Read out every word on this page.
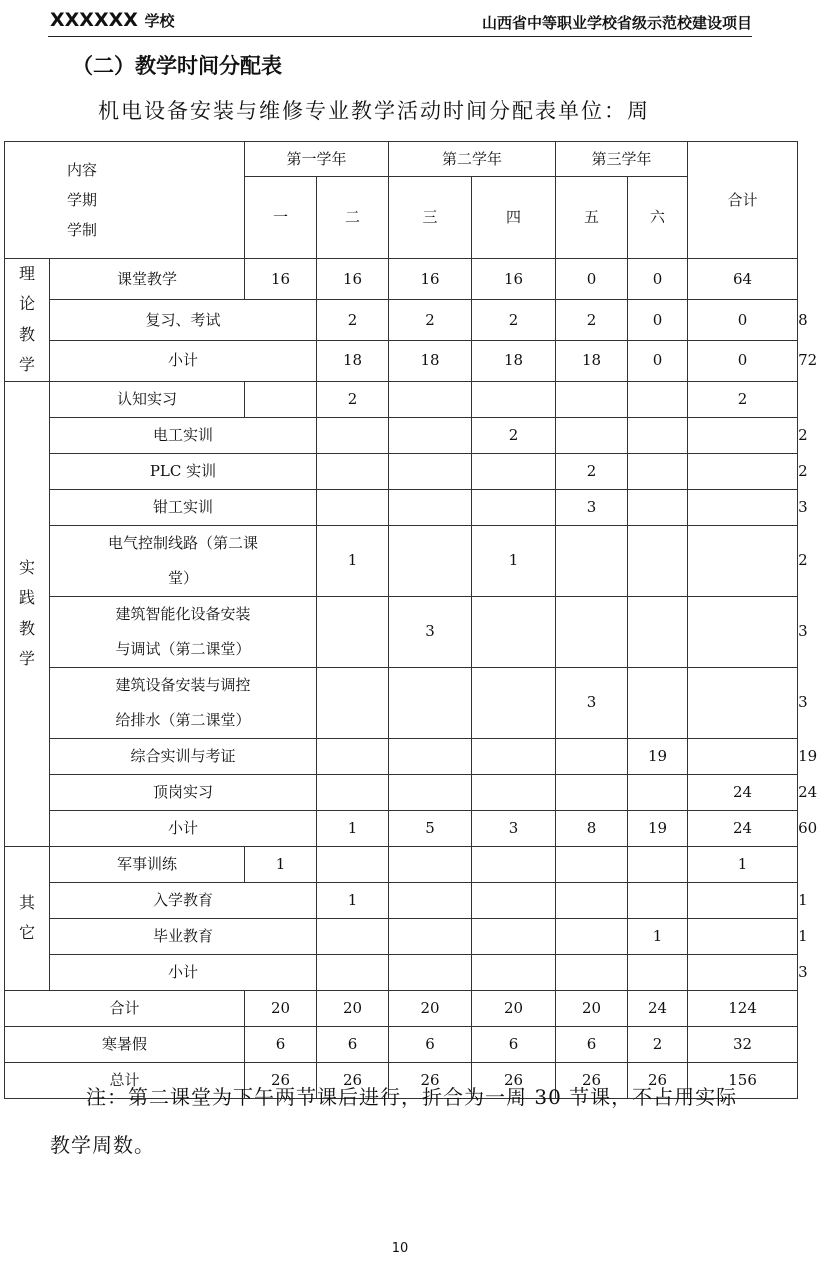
XXXXXX 学校	山西省中等职业学校省级示范校建设项目
（二）教学时间分配表
机电设备安装与维修专业教学活动时间分配表单位：周
内容
学期
学制		第一学年		第二学年		第三学年		合计	
		一	二	三	四	五	六		

理
论
教
学	课堂教学	16	16	16	16	0	0	64	
	复习、考试		2	2	2	2	0	0	8
	小计		18	18	18	18	0	0	72

实
践
教
学	认知实习		2					2	
	电工实训				2				2
	PLC 实训					2			2
	钳工实训					3			3

	电气控制线路（第二课
堂）		1		1				2

	建筑智能化设备安装
与调试（第二课堂）			3					3

	建筑设备安装与调控
给排水（第二课堂）					3			3
	综合实训与考证						19		19
	顶岗实习							24	24
	小计		1	5	3	8	19	24	60

其
它	军事训练	1						1	
	入学教育		1						1
	毕业教育						1		1
	小计								3
合计		20	20	20	20	20	24	124	
寒暑假		6	6	6	6	6	2	32	
总计		26	26	26	26	26	26	156	
注：第二课堂为下午两节课后进行，折合为一周 30 节课，不占用实际教学周数。
10
